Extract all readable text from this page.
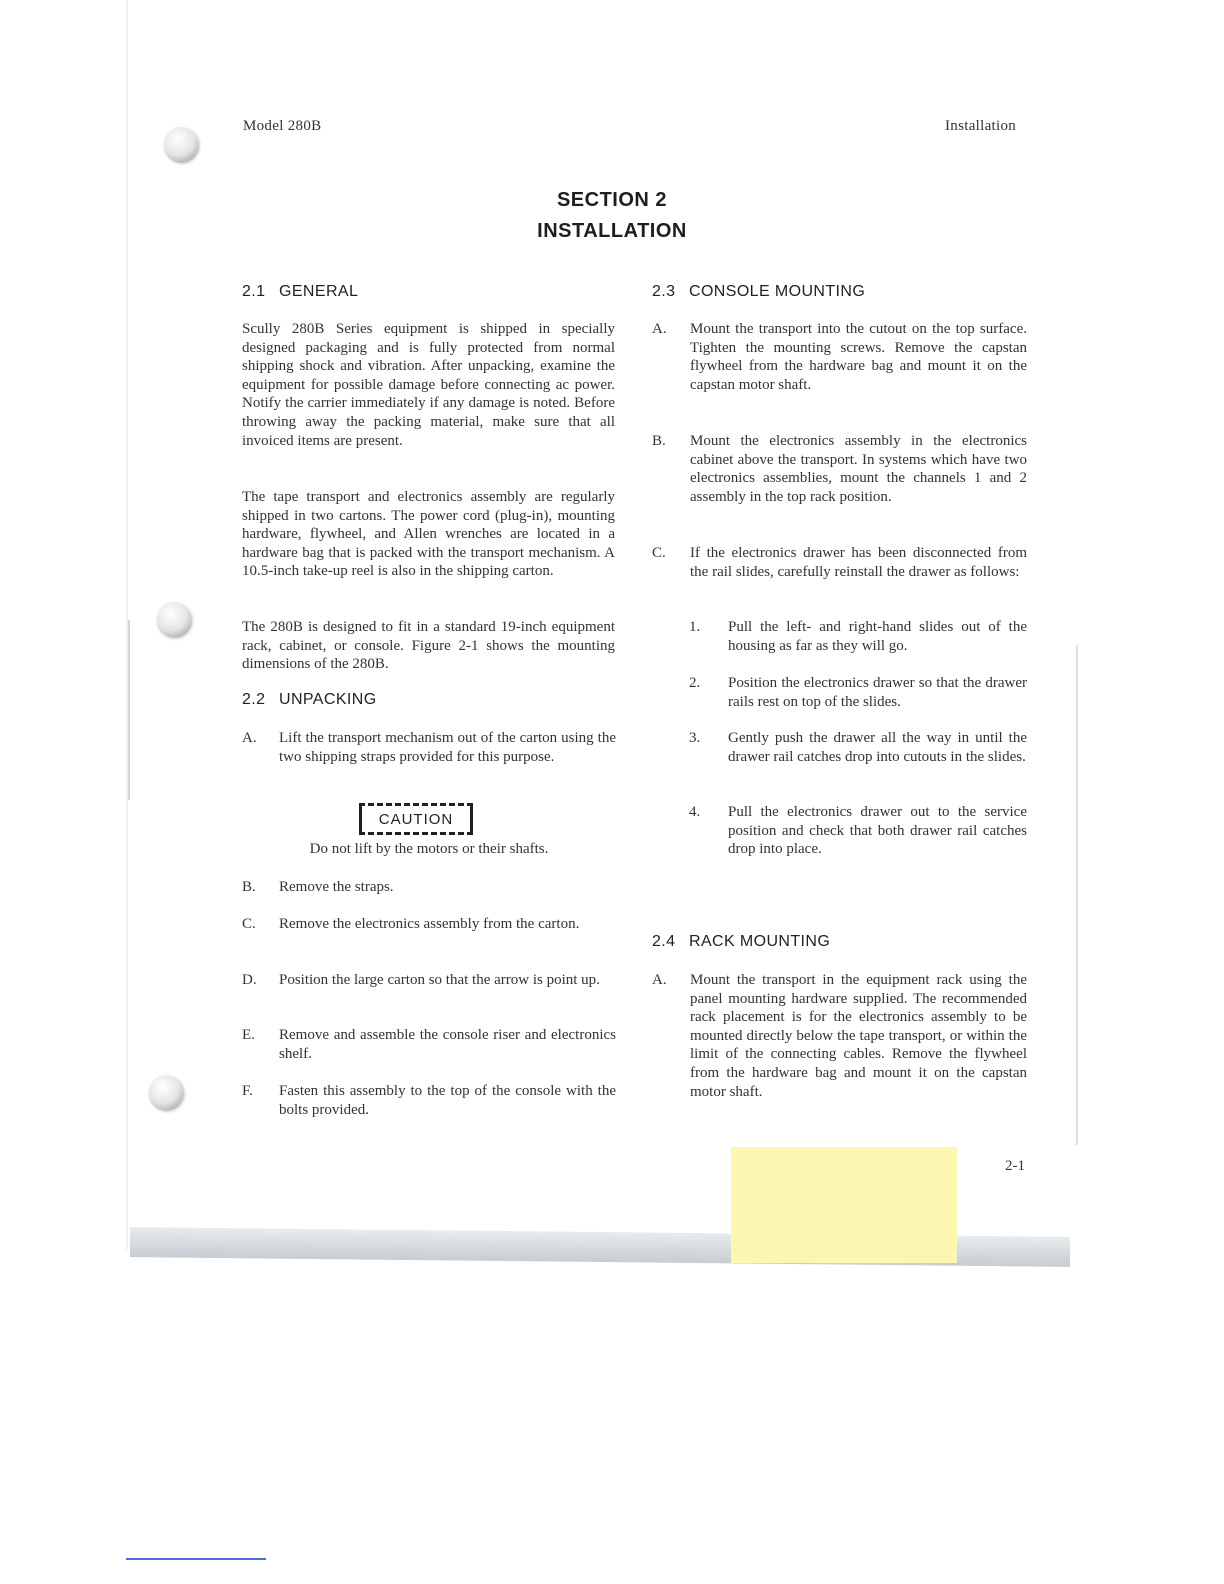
Model 280B	Installation
SECTION 2
INSTALLATION
2.1 GENERAL

Scully 280B Series equipment is shipped in specially designed packaging and is fully protected from normal shipping shock and vibration. After unpacking, examine the equipment for possible damage before connecting ac power. Notify the carrier immediately if any damage is noted. Before throwing away the packing material, make sure that all invoiced items are present.

The tape transport and electronics assembly are regularly shipped in two cartons. The power cord (plug-in), mounting hardware, flywheel, and Allen wrenches are located in a hardware bag that is packed with the transport mechanism. A 10.5-inch take-up reel is also in the shipping carton.

The 280B is designed to fit in a standard 19-inch equipment rack, cabinet, or console. Figure 2-1 shows the mounting dimensions of the 280B.

2.2 UNPACKING
A. Lift the transport mechanism out of the carton using the two shipping straps provided for this purpose.
CAUTION
Do not lift by the motors or their shafts.
B. Remove the straps.
C. Remove the electronics assembly from the carton.
D. Position the large carton so that the arrow is point up.
E. Remove and assemble the console riser and electronics shelf.
F. Fasten this assembly to the top of the console with the bolts provided.
2.3 CONSOLE MOUNTING
A. Mount the transport into the cutout on the top surface. Tighten the mounting screws. Remove the capstan flywheel from the hardware bag and mount it on the capstan motor shaft.
B. Mount the electronics assembly in the electronics cabinet above the transport. In systems which have two electronics assemblies, mount the channels 1 and 2 assembly in the top rack position.
C. If the electronics drawer has been disconnected from the rail slides, carefully reinstall the drawer as follows:
1. Pull the left- and right-hand slides out of the housing as far as they will go.
2. Position the electronics drawer so that the drawer rails rest on top of the slides.
3. Gently push the drawer all the way in until the drawer rail catches drop into cutouts in the slides.
4. Pull the electronics drawer out to the service position and check that both drawer rail catches drop into place.
2.4 RACK MOUNTING
A. Mount the transport in the equipment rack using the panel mounting hardware supplied. The recommended rack placement is for the electronics assembly to be mounted directly below the tape transport, or within the limit of the connecting cables. Remove the flywheel from the hardware bag and mount it on the capstan motor shaft.
2-1
